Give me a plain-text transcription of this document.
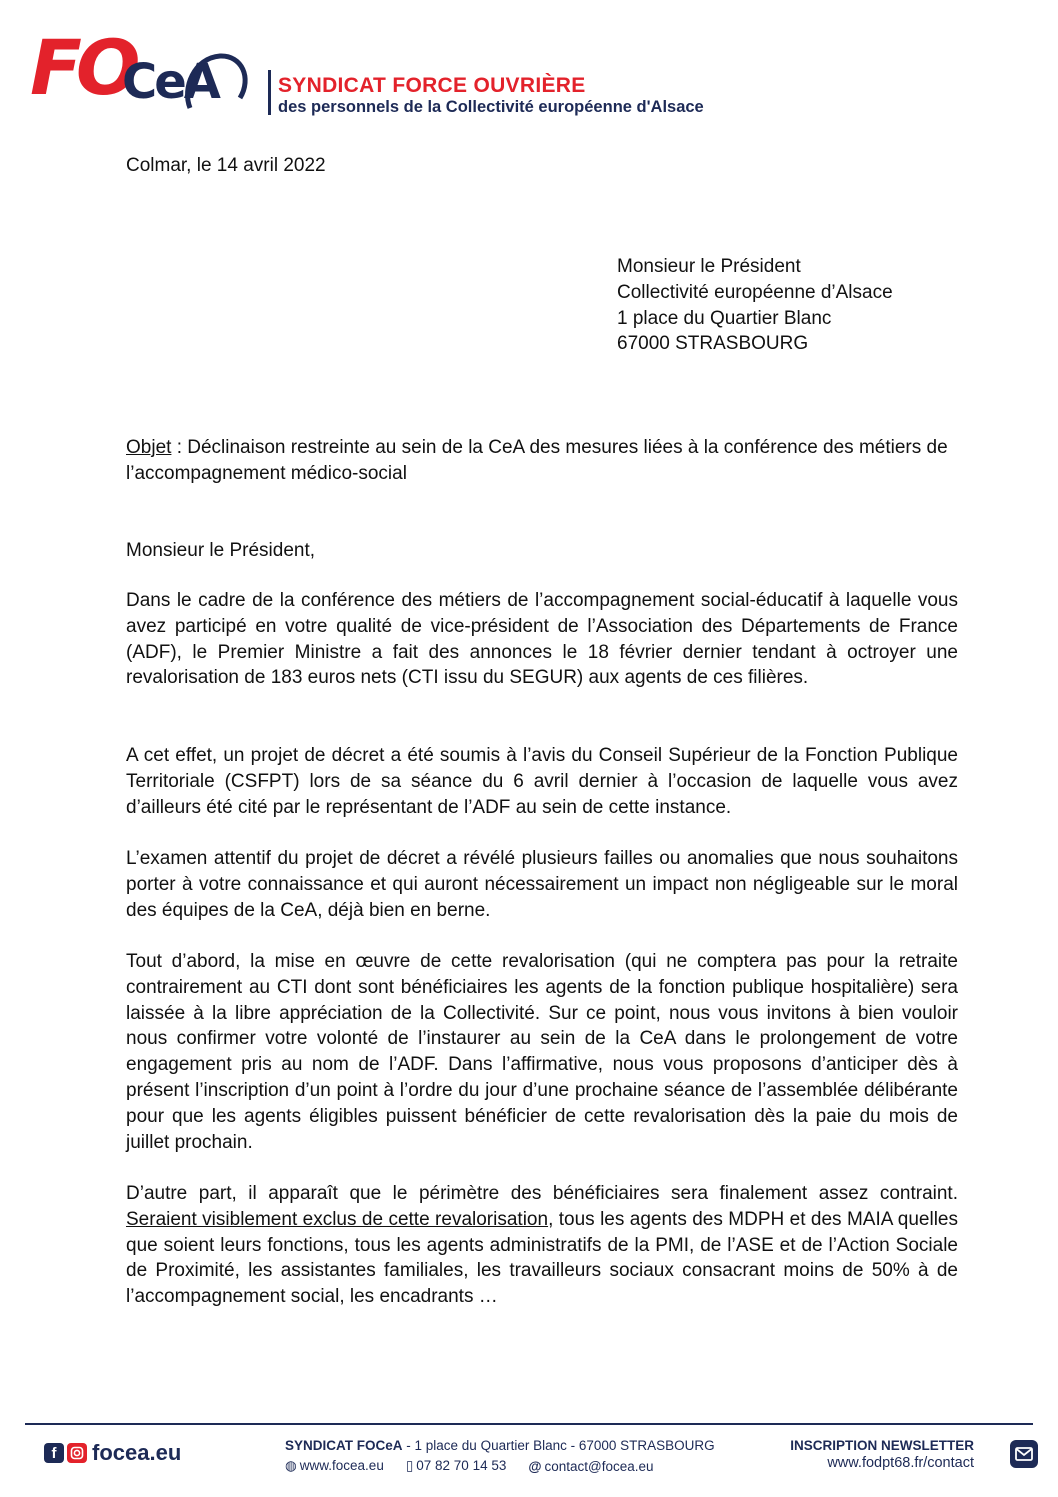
FO
CeA	SYNDICAT FORCE OUVRIÈRE
des personnels de la Collectivité européenne d'Alsace
Colmar, le 14 avril 2022
Monsieur le Président
Collectivité européenne d’Alsace
1 place du Quartier Blanc
67000 STRASBOURG
Objet : Déclinaison restreinte au sein de la CeA des mesures liées à la conférence des métiers de l’accompagnement médico-social
Monsieur le Président,

Dans le cadre de la conférence des métiers de l’accompagnement social-éducatif à laquelle vous avez participé en votre qualité de vice-président de l’Association des Départements de France (ADF), le Premier Ministre a fait des annonces le 18 février dernier tendant à octroyer une revalorisation de 183 euros nets (CTI issu du SEGUR) aux agents de ces filières.

A cet effet, un projet de décret a été soumis à l’avis du Conseil Supérieur de la Fonction Publique Territoriale (CSFPT) lors de sa séance du 6 avril dernier à l’occasion de laquelle vous avez d’ailleurs été cité par le représentant de l’ADF au sein de cette instance.

L’examen attentif du projet de décret a révélé plusieurs failles ou anomalies que nous souhaitons porter à votre connaissance et qui auront nécessairement un impact non négligeable sur le moral des équipes de la CeA, déjà bien en berne.

Tout d’abord, la mise en œuvre de cette revalorisation (qui ne comptera pas pour la retraite contrairement au CTI dont sont bénéficiaires les agents de la fonction publique hospitalière) sera laissée à la libre appréciation de la Collectivité. Sur ce point, nous vous invitons à bien vouloir nous confirmer votre volonté de l’instaurer au sein de la CeA dans le prolongement de votre engagement pris au nom de l’ADF. Dans l’affirmative, nous vous proposons d’anticiper dès à présent l’inscription d’un point à l’ordre du jour d’une prochaine séance de l’assemblée délibérante pour que les agents éligibles puissent bénéficier de cette revalorisation dès la paie du mois de juillet prochain.

D’autre part, il apparaît que le périmètre des bénéficiaires sera finalement assez contraint. Seraient visiblement exclus de cette revalorisation, tous les agents des MDPH et des MAIA quelles que soient leurs fonctions, tous les agents administratifs de la PMI, de l’ASE et de l’Action Sociale de Proximité, les assistantes familiales, les travailleurs sociaux consacrant moins de 50% à de l’accompagnement social, les encadrants …

f	focea.eu	SYNDICAT FOCeA - 1 place du Quartier Blanc - 67000 STRASBOURG
◍ www.focea.eu ▯ 07 82 70 14 53 @ contact@focea.eu
INSCRIPTION NEWSLETTER
www.fodpt68.fr/contact
